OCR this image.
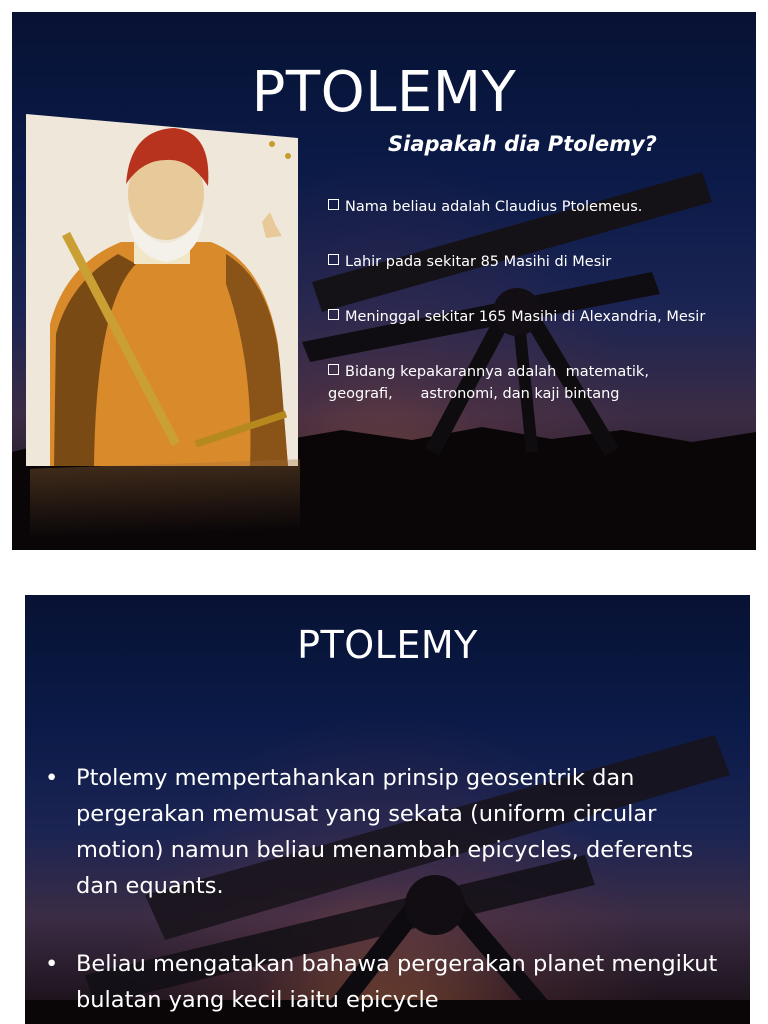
PTOLEMY
Siapakah dia Ptolemy?
Nama beliau adalah Claudius Ptolemeus.
Lahir pada sekitar 85 Masihi di Mesir
Meninggal sekitar 165 Masihi di Alexandria, Mesir
Bidang kepakarannya adalah  matematik,
geografi,      astronomi, dan kaji bintang
PTOLEMY
• Ptolemy mempertahankan prinsip geosentrik dan pergerakan memusat yang sekata (uniform circular motion) namun beliau menambah epicycles, deferents dan equants.
• Beliau mengatakan bahawa pergerakan planet mengikut bulatan yang kecil iaitu epicycle
